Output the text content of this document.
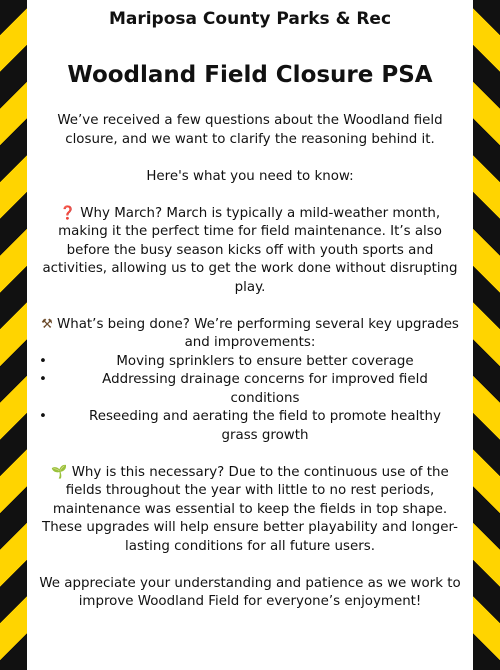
Mariposa County Parks & Rec
Woodland Field Closure PSA

We’ve received a few questions about the Woodland field closure, and we want to clarify the reasoning behind it.

Here's what you need to know:

❓ Why March? March is typically a mild-weather month, making it the perfect time for field maintenance. It’s also before the busy season kicks off with youth sports and activities, allowing us to get the work done without disrupting play.

⚒ What’s being done? We’re performing several key upgrades and improvements:

•	Moving sprinklers to ensure better coverage
•	Addressing drainage concerns for improved field conditions
•	Reseeding and aerating the field to promote healthy grass growth

🌱 Why is this necessary? Due to the continuous use of the fields throughout the year with little to no rest periods, maintenance was essential to keep the fields in top shape. These upgrades will help ensure better playability and longer-lasting conditions for all future users.

We appreciate your understanding and patience as we work to improve Woodland Field for everyone’s enjoyment!
